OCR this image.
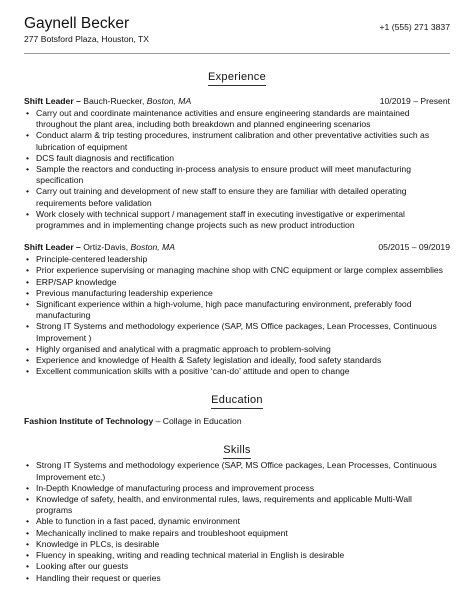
Gaynell Becker
277 Botsford Plaza, Houston, TX
+1 (555) 271 3837
Experience
Shift Leader – Bauch-Ruecker, Boston, MA	10/2019 – Present
• Carry out and coordinate maintenance activities and ensure engineering standards are maintained throughout the plant area, including both breakdown and planned engineering scenarios
• Conduct alarm & trip testing procedures, instrument calibration and other preventative activities such as lubrication of equipment
• DCS fault diagnosis and rectification
• Sample the reactors and conducting in-process analysis to ensure product will meet manufacturing specification
• Carry out training and development of new staff to ensure they are familiar with detailed operating requirements before validation
• Work closely with technical support / management staff in executing investigative or experimental programmes and in implementing change projects such as new product introduction
Shift Leader – Ortiz-Davis, Boston, MA	05/2015 – 09/2019
• Principle-centered leadership
• Prior experience supervising or managing machine shop with CNC equipment or large complex assemblies
• ERP/SAP knowledge
• Previous manufacturing leadership experience
• Significant experience within a high-volume, high pace manufacturing environment, preferably food manufacturing
• Strong IT Systems and methodology experience (SAP, MS Office packages, Lean Processes, Continuous Improvement )
• Highly organised and analytical with a pragmatic approach to problem-solving
• Experience and knowledge of Health & Safety legislation and ideally, food safety standards
• Excellent communication skills with a positive ‘can-do’ attitude and open to change
Education
Fashion Institute of Technology – Collage in Education
Skills
• Strong IT Systems and methodology experience (SAP, MS Office packages, Lean Processes, Continuous Improvement etc.)
• In-Depth Knowledge of manufacturing process and improvement process
• Knowledge of safety, health, and environmental rules, laws, requirements and applicable Multi-Wall programs
• Able to function in a fast paced, dynamic environment
• Mechanically inclined to make repairs and troubleshoot equipment
• Knowledge in PLCs, is desirable
• Fluency in speaking, writing and reading technical material in English is desirable
• Looking after our guests
• Handling their request or queries
